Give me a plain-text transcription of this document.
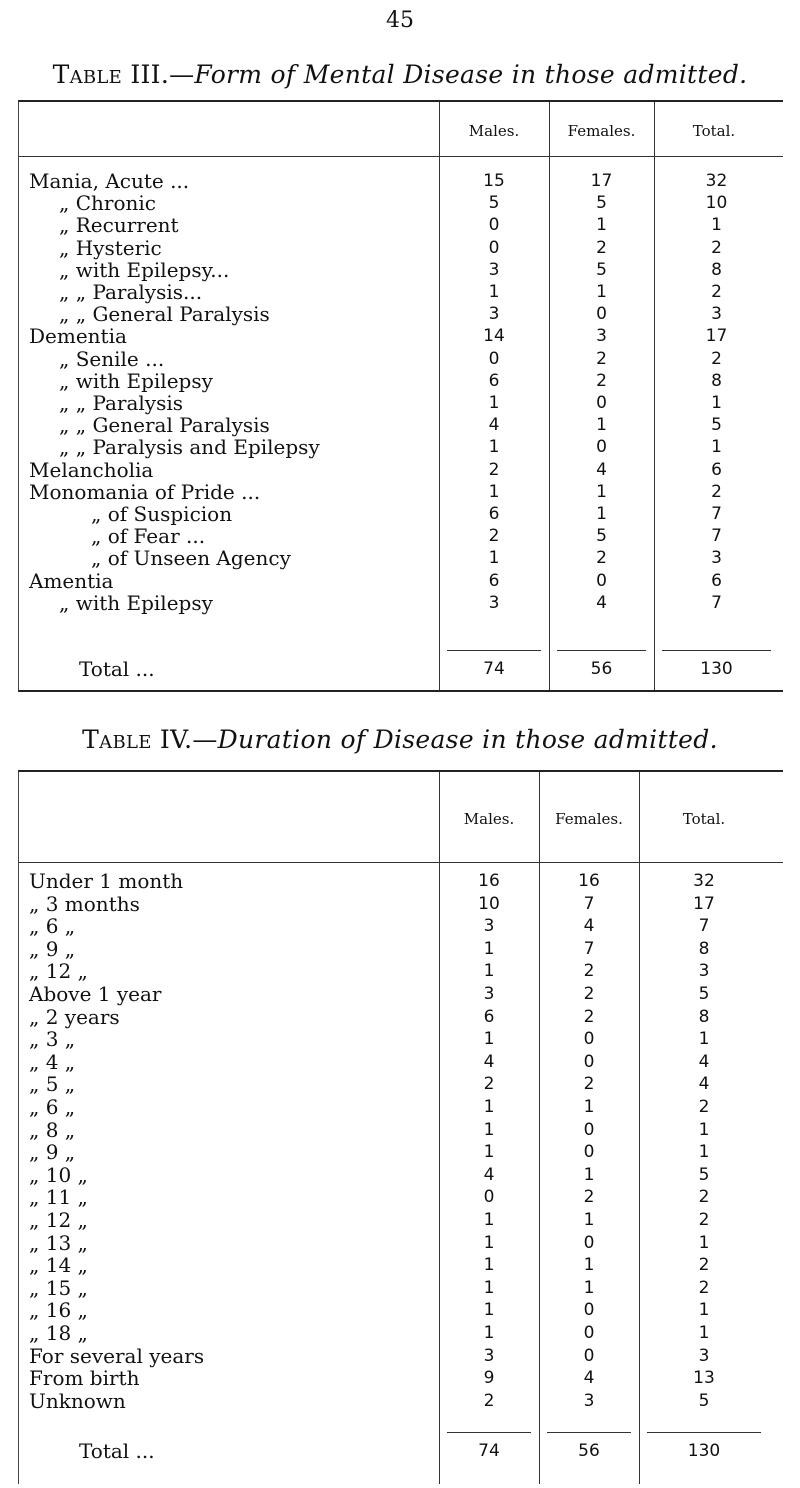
45
Table III.—Form of Mental Disease in those admitted.
Males.	Females.	Total.
Mania, Acute ...	15	17	32
„ Chronic	5	5	10
„ Recurrent	0	1	1
„ Hysteric	0	2	2
„ with Epilepsy...	3	5	8
„ „ Paralysis...	1	1	2
„ „ General Paralysis	3	0	3
Dementia	14	3	17
„ Senile ...	0	2	2
„ with Epilepsy	6	2	8
„ „ Paralysis	1	0	1
„ „ General Paralysis	4	1	5
„ „ Paralysis and Epilepsy	1	0	1
Melancholia	2	4	6
Monomania of Pride ...	1	1	2
„ of Suspicion	6	1	7
„ of Fear ...	2	5	7
„ of Unseen Agency	1	2	3
Amentia	6	0	6
„ with Epilepsy	3	4	7
Total ...	74	56	130
Table IV.—Duration of Disease in those admitted.
Males.	Females.	Total.
Under 1 month	16	16	32
„ 3 months	10	7	17
„ 6 „	3	4	7
„ 9 „	1	7	8
„ 12 „	1	2	3
Above 1 year	3	2	5
„ 2 years	6	2	8
„ 3 „	1	0	1
„ 4 „	4	0	4
„ 5 „	2	2	4
„ 6 „	1	1	2
„ 8 „	1	0	1
„ 9 „	1	0	1
„ 10 „	4	1	5
„ 11 „	0	2	2
„ 12 „	1	1	2
„ 13 „	1	0	1
„ 14 „	1	1	2
„ 15 „	1	1	2
„ 16 „	1	0	1
„ 18 „	1	0	1
For several years	3	0	3
From birth	9	4	13
Unknown	2	3	5
Total ...	74	56	130
